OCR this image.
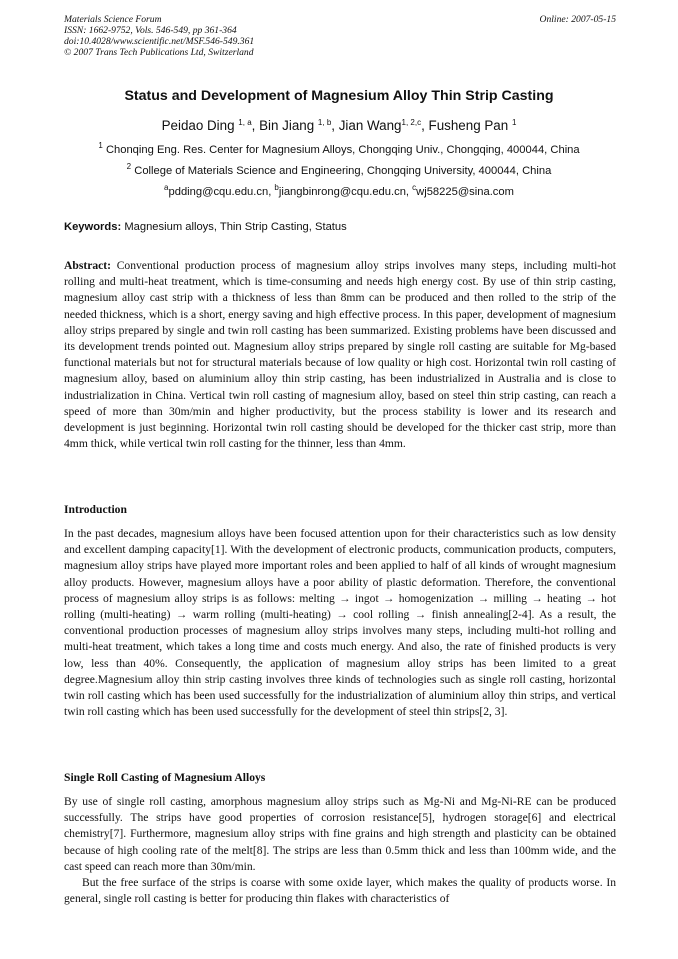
Materials Science Forum
ISSN: 1662-9752, Vols. 546-549, pp 361-364
doi:10.4028/www.scientific.net/MSF.546-549.361
© 2007 Trans Tech Publications Ltd, Switzerland
Online: 2007-05-15
Status and Development of Magnesium Alloy Thin Strip Casting
Peidao Ding $^{1, a}$, Bin Jiang $^{1, b}$, Jian Wang$^{1, 2,c}$, Fusheng Pan $^1$
$^1$ Chonqing Eng. Res. Center for Magnesium Alloys, Chongqing Univ., Chongqing, 400044, China
$^2$ College of Materials Science and Engineering, Chongqing University, 400044, China
$^a$pdding@cqu.edu.cn, $^b$jiangbinrong@cqu.edu.cn, $^c$wj58225@sina.com
Keywords: Magnesium alloys, Thin Strip Casting, Status

Abstract: Conventional production process of magnesium alloy strips involves many steps, including multi-hot rolling and multi-heat treatment, which is time-consuming and needs high energy cost. By use of thin strip casting, magnesium alloy cast strip with a thickness of less than 8mm can be produced and then rolled to the strip of the needed thickness, which is a short, energy saving and high effective process. In this paper, development of magnesium alloy strips prepared by single and twin roll casting has been summarized. Existing problems have been discussed and its development trends pointed out. Magnesium alloy strips prepared by single roll casting are suitable for Mg-based functional materials but not for structural materials because of low quality or high cost. Horizontal twin roll casting of magnesium alloy, based on aluminium alloy thin strip casting, has been industrialized in Australia and is close to industrialization in China. Vertical twin roll casting of magnesium alloy, based on steel thin strip casting, can reach a speed of more than 30m/min and higher productivity, but the process stability is lower and its research and development is just beginning. Horizontal twin roll casting should be developed for the thicker cast strip, more than 4mm thick, while vertical twin roll casting for the thinner, less than 4mm.

Introduction

In the past decades, magnesium alloys have been focused attention upon for their characteristics such as low density and excellent damping capacity[1]. With the development of electronic products, communication products, computers, magnesium alloy strips have played more important roles and been applied to half of all kinds of wrought magnesium alloy products. However, magnesium alloys have a poor ability of plastic deformation. Therefore, the conventional process of magnesium alloy strips is as follows: melting → ingot → homogenization → milling → heating → hot rolling (multi-heating) → warm rolling (multi-heating) → cool rolling → finish annealing[2-4]. As a result, the conventional production processes of magnesium alloy strips involves many steps, including multi-hot rolling and multi-heat treatment, which takes a long time and costs much energy. And also, the rate of finished products is very low, less than 40%. Consequently, the application of magnesium alloy strips has been limited to a great degree.Magnesium alloy thin strip casting involves three kinds of technologies such as single roll casting, horizontal twin roll casting which has been used successfully for the industrialization of aluminium alloy thin strips, and vertical twin roll casting which has been used successfully for the development of steel thin strips[2, 3].

Single Roll Casting of Magnesium Alloys

By use of single roll casting, amorphous magnesium alloy strips such as Mg-Ni and Mg-Ni-RE can be produced successfully. The strips have good properties of corrosion resistance[5], hydrogen storage[6] and electrical chemistry[7]. Furthermore, magnesium alloy strips with fine grains and high strength and plasticity can be obtained because of high cooling rate of the melt[8]. The strips are less than 0.5mm thick and less than 100mm wide, and the cast speed can reach more than 30m/min.

But the free surface of the strips is coarse with some oxide layer, which makes the quality of products worse. In general, single roll casting is better for producing thin flakes with characteristics of
